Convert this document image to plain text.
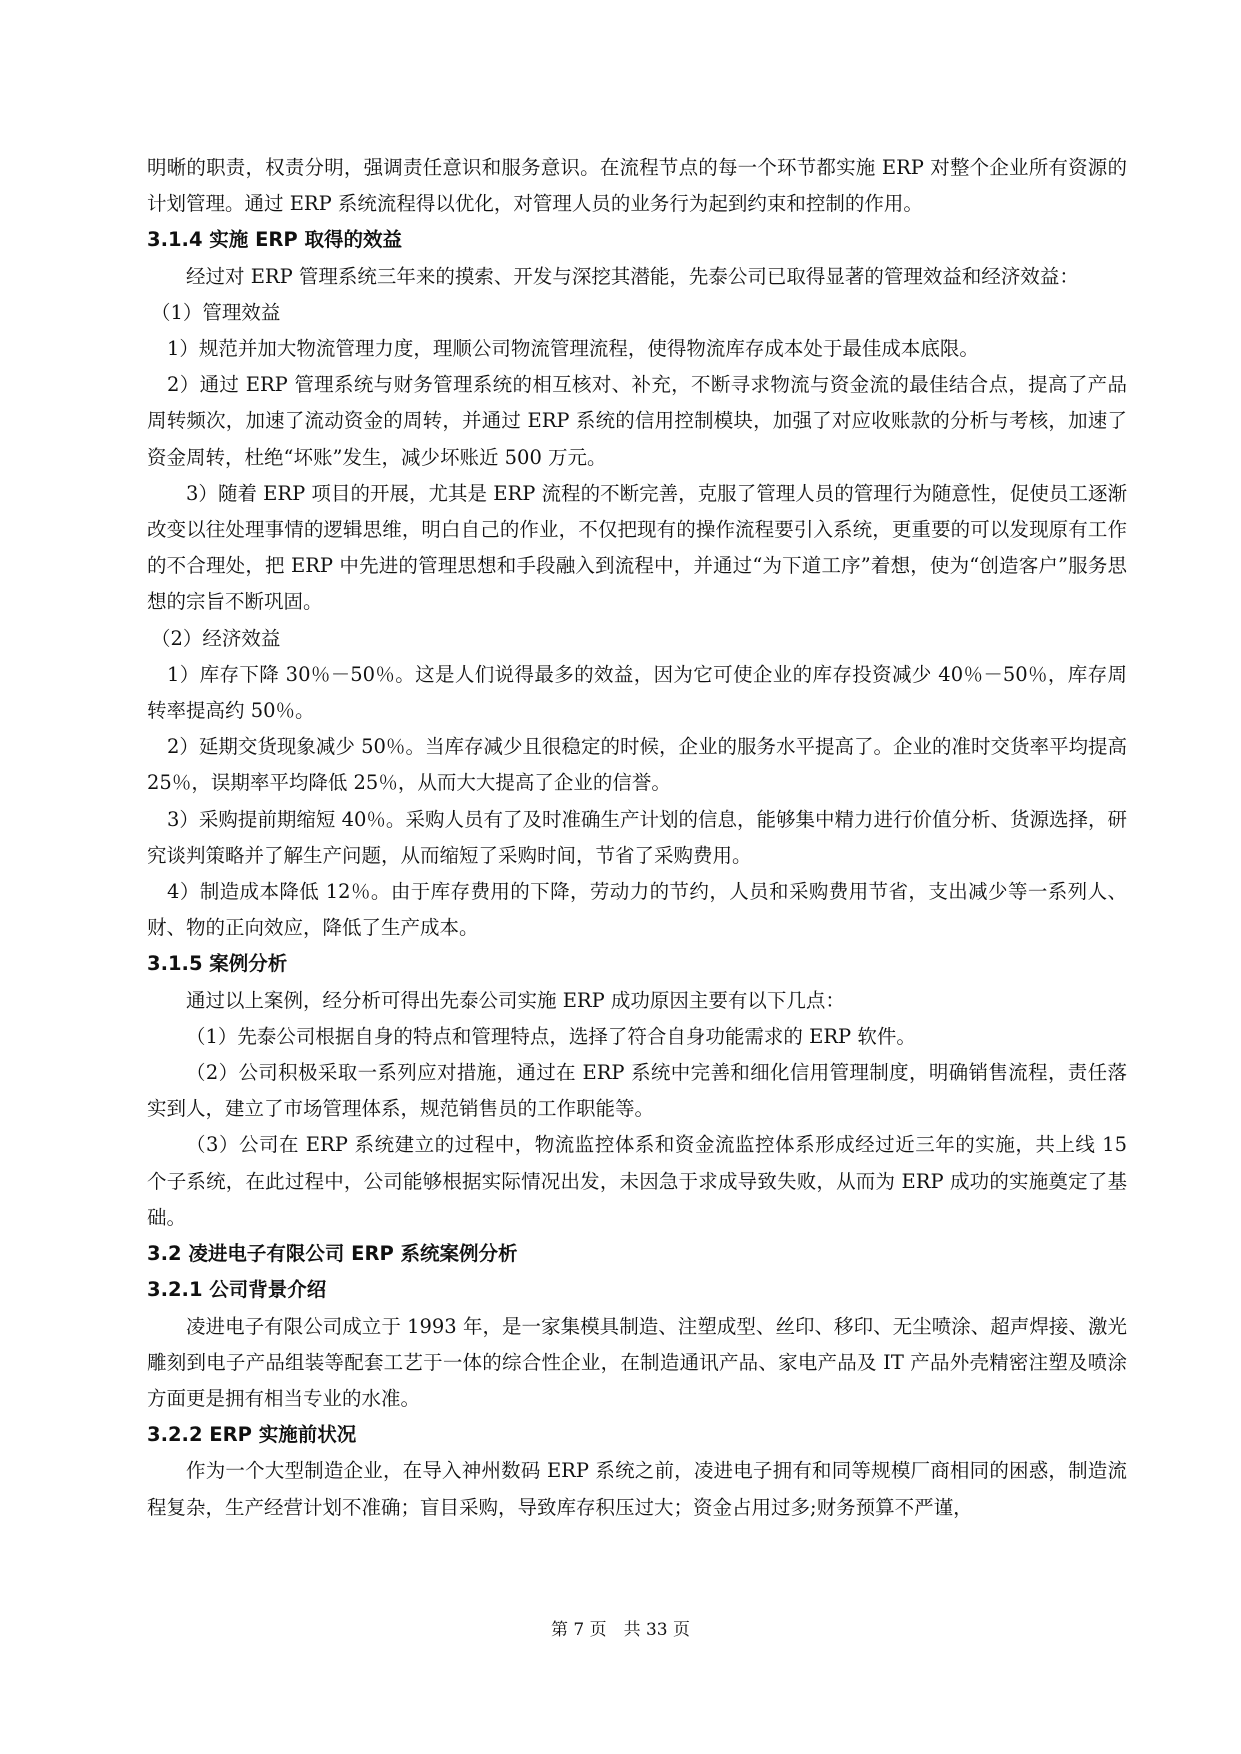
明晰的职责，权责分明，强调责任意识和服务意识。在流程节点的每一个环节都实施 ERP 对整个企业所有资源的计划管理。通过 ERP 系统流程得以优化，对管理人员的业务行为起到约束和控制的作用。

3.1.4 实施 ERP 取得的效益

经过对 ERP 管理系统三年来的摸索、开发与深挖其潜能，先泰公司已取得显著的管理效益和经济效益：

（1）管理效益

1）规范并加大物流管理力度，理顺公司物流管理流程，使得物流库存成本处于最佳成本底限。

2）通过 ERP 管理系统与财务管理系统的相互核对、补充，不断寻求物流与资金流的最佳结合点，提高了产品周转频次，加速了流动资金的周转，并通过 ERP 系统的信用控制模块，加强了对应收账款的分析与考核，加速了资金周转，杜绝“坏账”发生，减少坏账近 500 万元。

3）随着 ERP 项目的开展，尤其是 ERP 流程的不断完善，克服了管理人员的管理行为随意性，促使员工逐渐改变以往处理事情的逻辑思维，明白自己的作业，不仅把现有的操作流程要引入系统，更重要的可以发现原有工作的不合理处，把 ERP 中先进的管理思想和手段融入到流程中，并通过“为下道工序”着想，使为“创造客户”服务思想的宗旨不断巩固。

（2）经济效益

1）库存下降 30％－50％。这是人们说得最多的效益，因为它可使企业的库存投资减少 40％－50％，库存周转率提高约 50％。

2）延期交货现象减少 50％。当库存减少且很稳定的时候，企业的服务水平提高了。企业的准时交货率平均提高 25％，误期率平均降低 25％，从而大大提高了企业的信誉。

3）采购提前期缩短 40％。采购人员有了及时准确生产计划的信息，能够集中精力进行价值分析、货源选择，研究谈判策略并了解生产问题，从而缩短了采购时间，节省了采购费用。

4）制造成本降低 12％。由于库存费用的下降，劳动力的节约，人员和采购费用节省，支出减少等一系列人、财、物的正向效应，降低了生产成本。

3.1.5 案例分析

通过以上案例，经分析可得出先泰公司实施 ERP 成功原因主要有以下几点：

（1）先泰公司根据自身的特点和管理特点，选择了符合自身功能需求的 ERP 软件。

（2）公司积极采取一系列应对措施，通过在 ERP 系统中完善和细化信用管理制度，明确销售流程，责任落实到人，建立了市场管理体系，规范销售员的工作职能等。

（3）公司在 ERP 系统建立的过程中，物流监控体系和资金流监控体系形成经过近三年的实施，共上线 15 个子系统，在此过程中，公司能够根据实际情况出发，未因急于求成导致失败，从而为 ERP 成功的实施奠定了基础。

3.2 凌进电子有限公司 ERP 系统案例分析

3.2.1 公司背景介绍

凌进电子有限公司成立于 1993 年，是一家集模具制造、注塑成型、丝印、移印、无尘喷涂、超声焊接、激光雕刻到电子产品组装等配套工艺于一体的综合性企业，在制造通讯产品、家电产品及 IT 产品外壳精密注塑及喷涂方面更是拥有相当专业的水准。

3.2.2 ERP 实施前状况

作为一个大型制造企业，在导入神州数码 ERP 系统之前，凌进电子拥有和同等规模厂商相同的困惑，制造流程复杂，生产经营计划不准确；盲目采购，导致库存积压过大；资金占用过多;财务预算不严谨，

第 7 页　共 33 页
